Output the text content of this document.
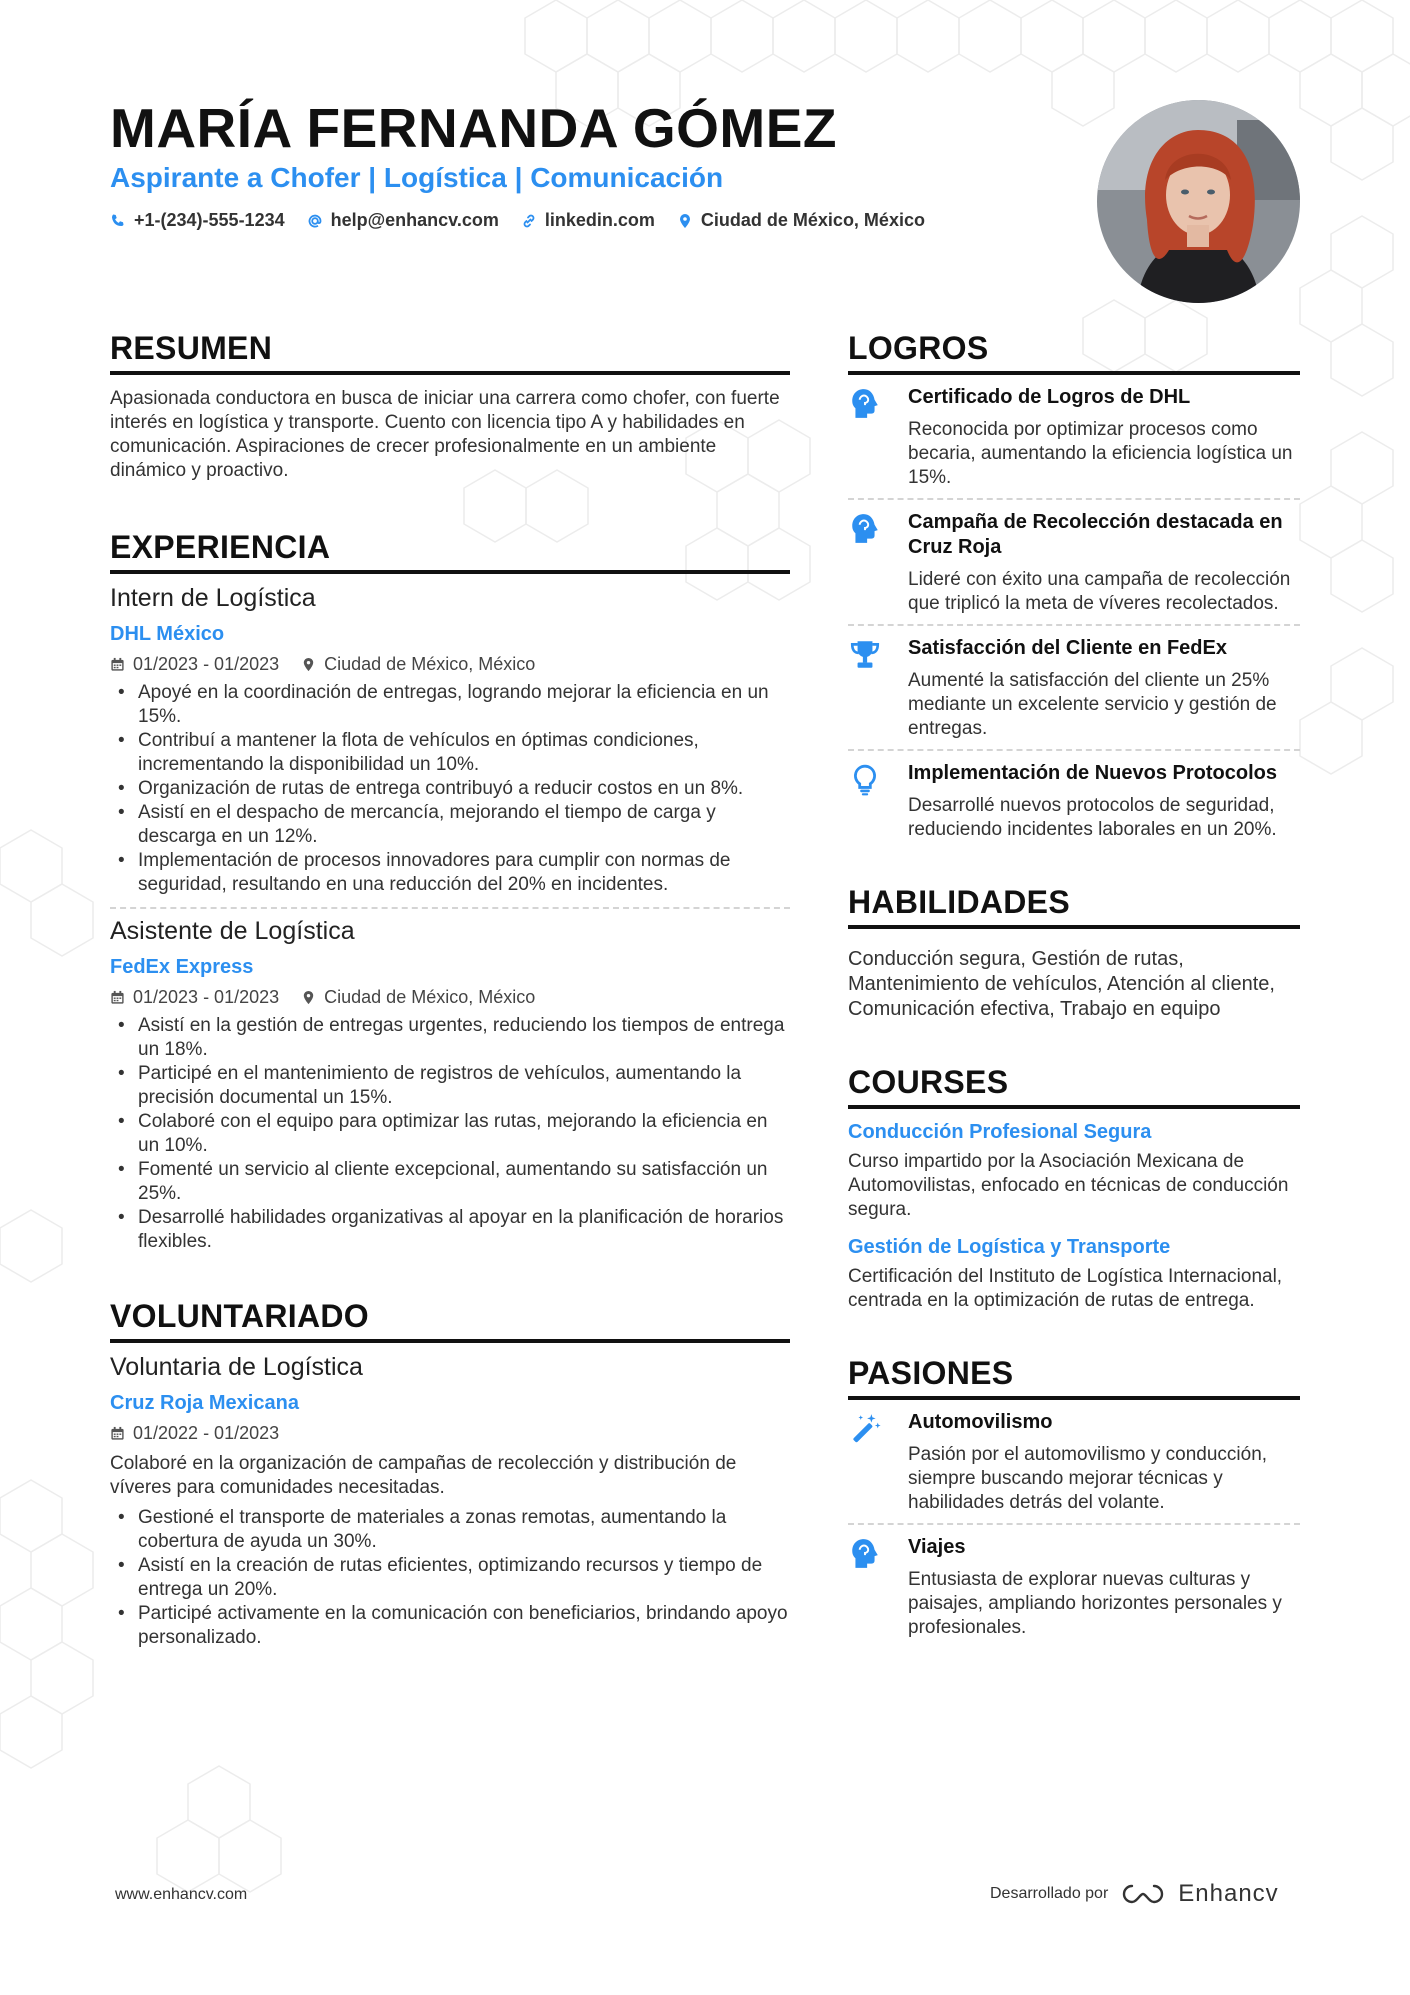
MARÍA FERNANDA GÓMEZ
Aspirante a Chofer | Logística | Comunicación
+1-(234)-555-1234	help@enhancv.com	linkedin.com	Ciudad de México, México
RESUMEN

Apasionada conductora en busca de iniciar una carrera como chofer, con fuerte interés en logística y transporte. Cuento con licencia tipo A y habilidades en comunicación. Aspiraciones de crecer profesionalmente en un ambiente dinámico y proactivo.

EXPERIENCIA
Intern de Logística
DHL México
01/2023 - 01/2023	Ciudad de México, México
• Apoyé en la coordinación de entregas, logrando mejorar la eficiencia en un 15%.
• Contribuí a mantener la flota de vehículos en óptimas condiciones, incrementando la disponibilidad un 10%.
• Organización de rutas de entrega contribuyó a reducir costos en un 8%.
• Asistí en el despacho de mercancía, mejorando el tiempo de carga y descarga en un 12%.
• Implementación de procesos innovadores para cumplir con normas de seguridad, resultando en una reducción del 20% en incidentes.
Asistente de Logística
FedEx Express
01/2023 - 01/2023	Ciudad de México, México
• Asistí en la gestión de entregas urgentes, reduciendo los tiempos de entrega un 18%.
• Participé en el mantenimiento de registros de vehículos, aumentando la precisión documental un 15%.
• Colaboré con el equipo para optimizar las rutas, mejorando la eficiencia en un 10%.
• Fomenté un servicio al cliente excepcional, aumentando su satisfacción un 25%.
• Desarrollé habilidades organizativas al apoyar en la planificación de horarios flexibles.
VOLUNTARIADO
Voluntaria de Logística
Cruz Roja Mexicana
01/2022 - 01/2023

Colaboré en la organización de campañas de recolección y distribución de víveres para comunidades necesitadas.

• Gestioné el transporte de materiales a zonas remotas, aumentando la cobertura de ayuda un 30%.
• Asistí en la creación de rutas eficientes, optimizando recursos y tiempo de entrega un 20%.
• Participé activamente en la comunicación con beneficiarios, brindando apoyo personalizado.
LOGROS
Certificado de Logros de DHL
Reconocida por optimizar procesos como becaria, aumentando la eficiencia logística un 15%.
Campaña de Recolección destacada en Cruz Roja
Lideré con éxito una campaña de recolección que triplicó la meta de víveres recolectados.
Satisfacción del Cliente en FedEx
Aumenté la satisfacción del cliente un 25% mediante un excelente servicio y gestión de entregas.
Implementación de Nuevos Protocolos
Desarrollé nuevos protocolos de seguridad, reduciendo incidentes laborales en un 20%.
HABILIDADES

Conducción segura, Gestión de rutas, Mantenimiento de vehículos, Atención al cliente, Comunicación efectiva, Trabajo en equipo

COURSES
Conducción Profesional Segura
Curso impartido por la Asociación Mexicana de Automovilistas, enfocado en técnicas de conducción segura.
Gestión de Logística y Transporte
Certificación del Instituto de Logística Internacional, centrada en la optimización de rutas de entrega.
PASIONES
Automovilismo
Pasión por el automovilismo y conducción, siempre buscando mejorar técnicas y habilidades detrás del volante.
Viajes
Entusiasta de explorar nuevas culturas y paisajes, ampliando horizontes personales y profesionales.
www.enhancv.com	Desarrollado por	Enhancv
